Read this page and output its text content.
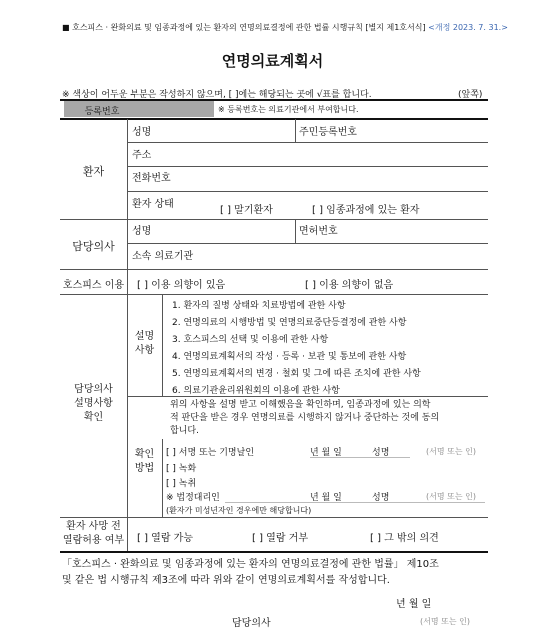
■ 호스피스 · 완화의료 및 임종과정에 있는 환자의 연명의료결정에 관한 법률 시행규칙 [별지 제1호서식] <개정 2023. 7. 31.>
연명의료계획서
※ 색상이 어두운 부분은 작성하지 않으며, [ ]에는 해당되는 곳에 √표를 합니다.	(앞쪽)
등록번호	※ 등록번호는 의료기관에서 부여합니다.
환자
성명	주민등록번호
주소
전화번호
환자 상태
[ ] 말기환자	[ ] 임종과정에 있는 환자
담당의사
성명	면허번호
소속 의료기관
호스피스 이용 [ ] 이용 의향이 있음	[ ] 이용 의향이 없음
담당의사
설명사항
확인
설명
사항
1. 환자의 질병 상태와 치료방법에 관한 사항
2. 연명의료의 시행방법 및 연명의료중단등결정에 관한 사항
3. 호스피스의 선택 및 이용에 관한 사항
4. 연명의료계획서의 작성 · 등록 · 보관 및 통보에 관한 사항
5. 연명의료계획서의 변경 · 철회 및 그에 따른 조치에 관한 사항
6. 의료기관윤리위원회의 이용에 관한 사항
위의 사항을 설명 받고 이해했음을 확인하며, 임종과정에 있는 의학
적 판단을 받은 경우 연명의료를 시행하지 않거나 중단하는 것에 동의
합니다.
확인
방법
[ ] 서명 또는 기명날인	년 월 일	성명	(서명 또는 인)
[ ] 녹화
[ ] 녹취
※ 법정대리인	년 월 일	성명	(서명 또는 인)
(환자가 미성년자인 경우에만 해당합니다)
환자 사망 전
열람허용 여부 [ ] 열람 가능	[ ] 열람 거부	[ ] 그 밖의 의견
「호스피스 · 완화의료 및 임종과정에 있는 환자의 연명의료결정에 관한 법률」 제10조
및 같은 법 시행규칙 제3조에 따라 위와 같이 연명의료계획서를 작성합니다.
년 월 일
담당의사	(서명 또는 인)
